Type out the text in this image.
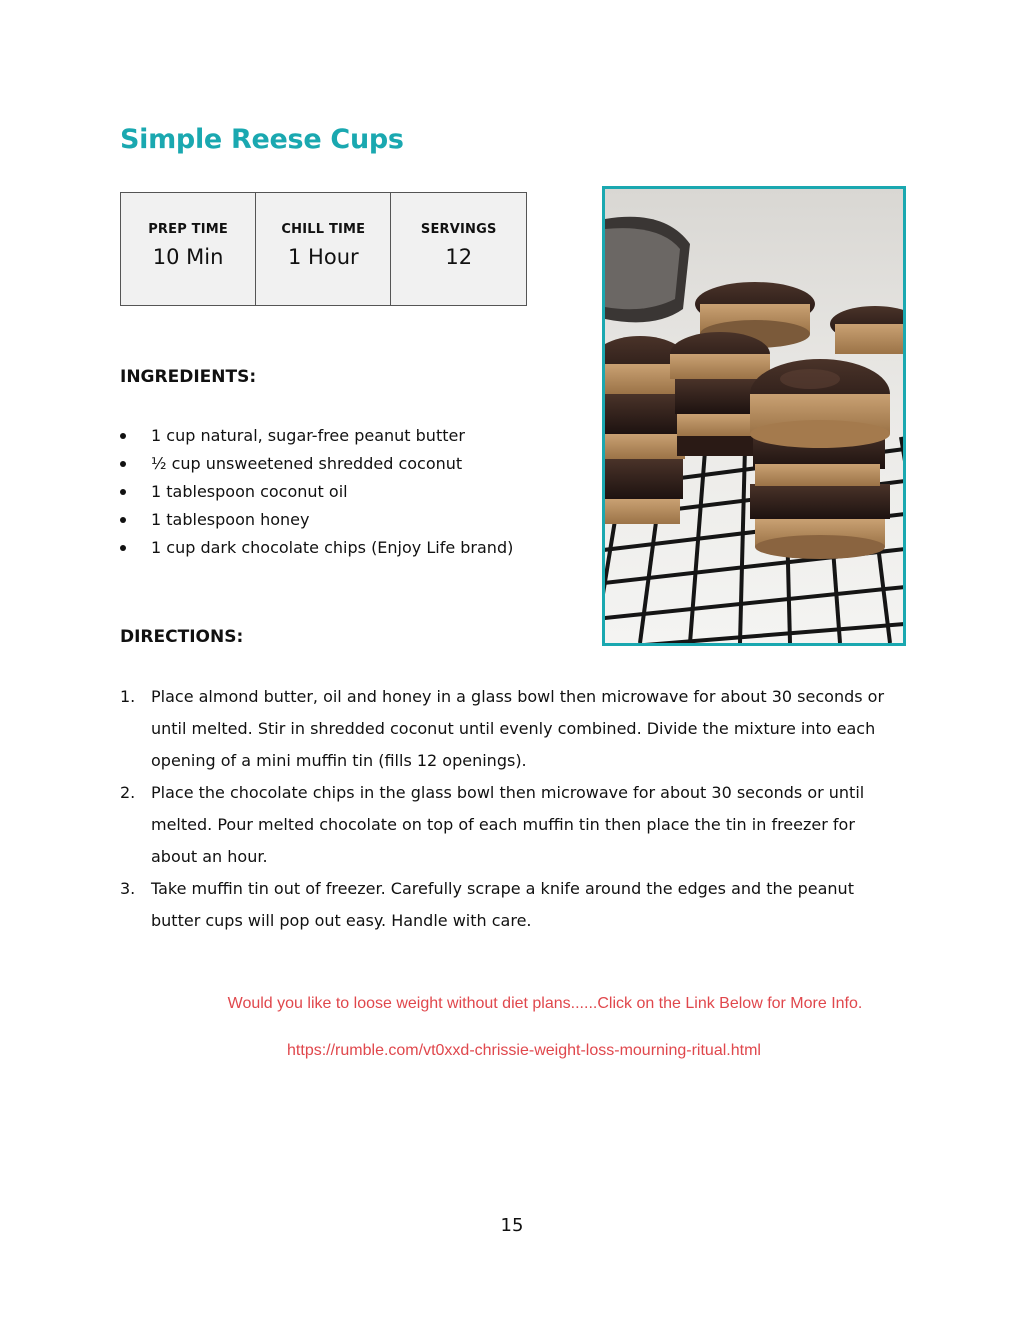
Simple Reese Cups
PREP TIME
10 Min

CHILL TIME
1 Hour

SERVINGS
12
INGREDIENTS:
1 cup natural, sugar-free peanut butter
½ cup unsweetened shredded coconut
1 tablespoon coconut oil
1 tablespoon honey
1 cup dark chocolate chips (Enjoy Life brand)
DIRECTIONS:
1. Place almond butter, oil and honey in a glass bowl then microwave for about 30 seconds or until melted. Stir in shredded coconut until evenly combined. Divide the mixture into each opening of a mini muffin tin (fills 12 openings).
2. Place the chocolate chips in the glass bowl then microwave for about 30 seconds or until melted. Pour melted chocolate on top of each muffin tin then place the tin in freezer for about an hour.
3. Take muffin tin out of freezer. Carefully scrape a knife around the edges and the peanut butter cups will pop out easy. Handle with care.
Would you like to loose weight without diet plans......Click on the Link Below for More Info.
https://rumble.com/vt0xxd-chrissie-weight-loss-mourning-ritual.html
15
